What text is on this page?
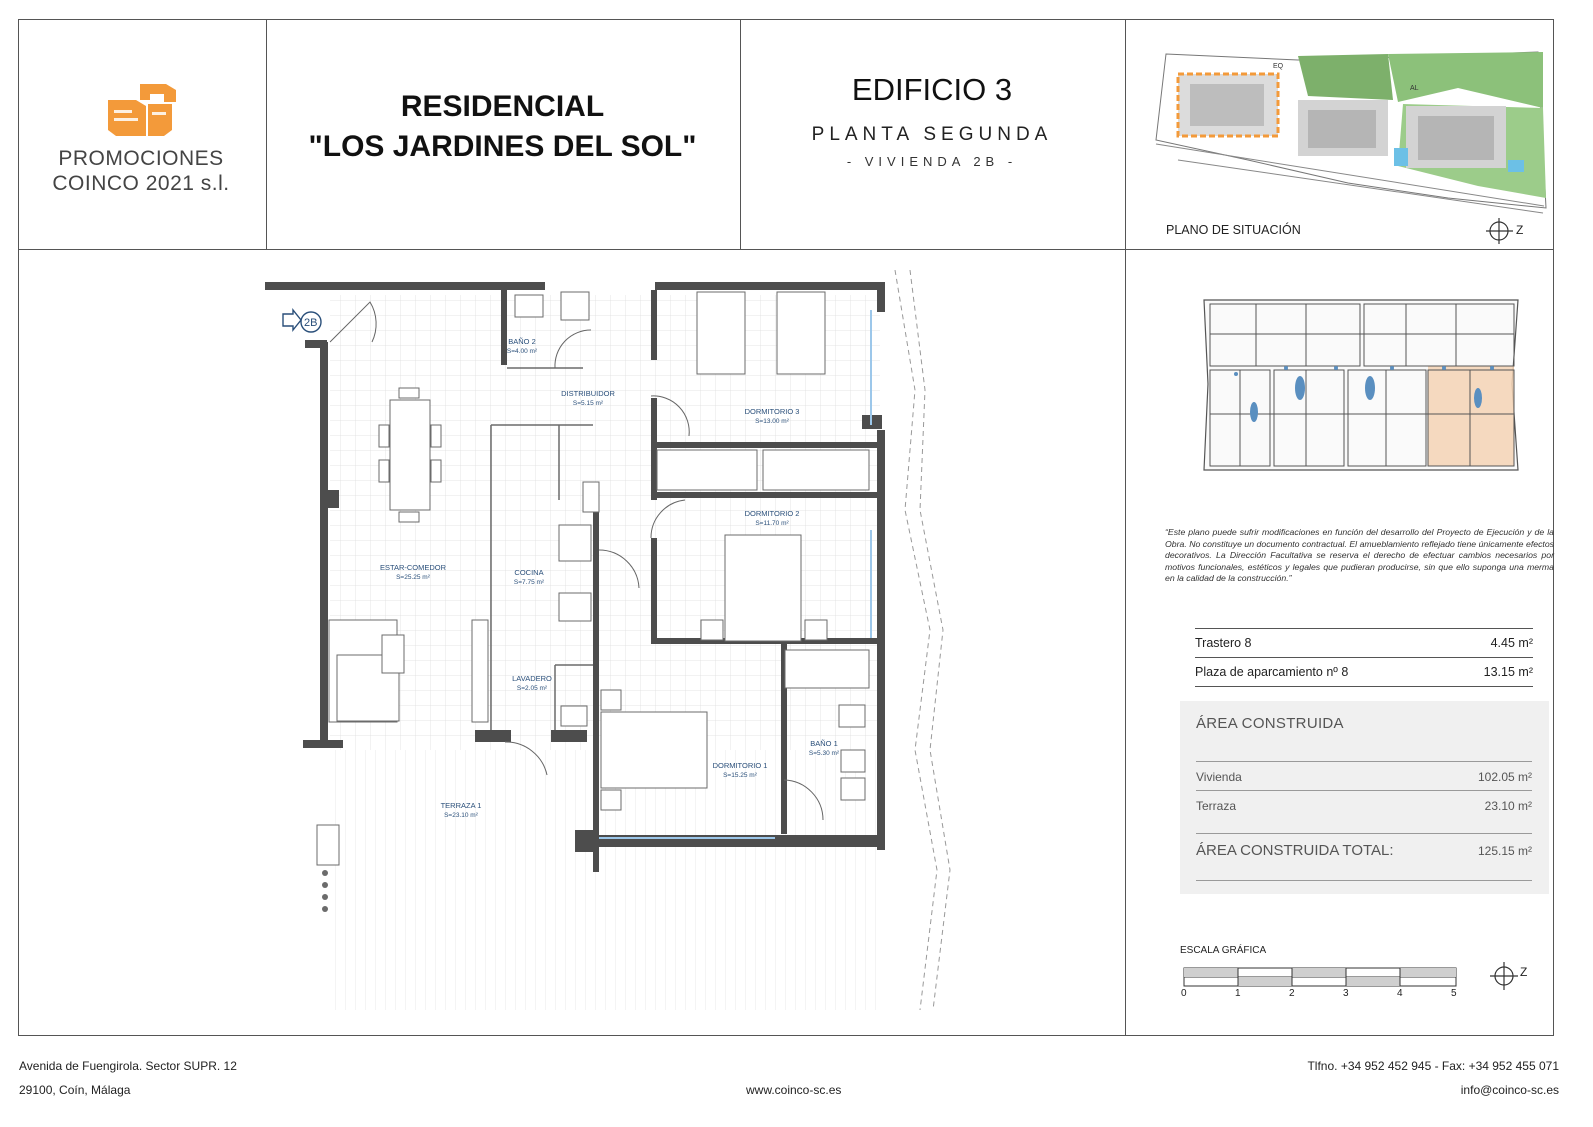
PROMOCIONES
COINCO 2021 s.l.
RESIDENCIAL
"LOS JARDINES DEL SOL"
EDIFICIO 3
PLANTA SEGUNDA
- VIVIENDA 2B -
EQ
AL
PLANO DE SITUACIÓN	Z
“Este plano puede sufrir modificaciones en función del desarrollo del Proyecto de Ejecución y de la Obra. No constituye un documento contractual. El amueblamiento reflejado tiene únicamente efectos decorativos. La Dirección Facultativa se reserva el derecho de efectuar cambios necesarios por motivos funcionales, estéticos y legales que pudieran producirse, sin que ello suponga una merma en la calidad de la construcción.”
Trastero 8	4.45 m²
Plaza de aparcamiento nº 8	13.15 m²
ÁREA CONSTRUIDA
Vivienda	102.05 m²
Terraza	23.10 m²
ÁREA CONSTRUIDA TOTAL:	125.15 m²
ESCALA GRÁFICA
0	1	2	3	4	5
Z
2B
BAÑO 2
S=4.00 m²
DISTRIBUIDOR
S=5.15 m²
DORMITORIO 3
S=13.00 m²
DORMITORIO 2
S=11.70 m²
ESTAR-COMEDOR
S=25.25 m²
COCINA
S=7.75 m²
LAVADERO
S=2.05 m²
DORMITORIO 1
S=15.25 m²
BAÑO 1
S=5.30 m²
TERRAZA 1
S=23.10 m²
Avenida de Fuengirola. Sector SUPR. 12
29100, Coín, Málaga	www.coinco-sc.es
Tlfno. +34 952 452 945 - Fax: +34 952 455 071
info@coinco-sc.es
